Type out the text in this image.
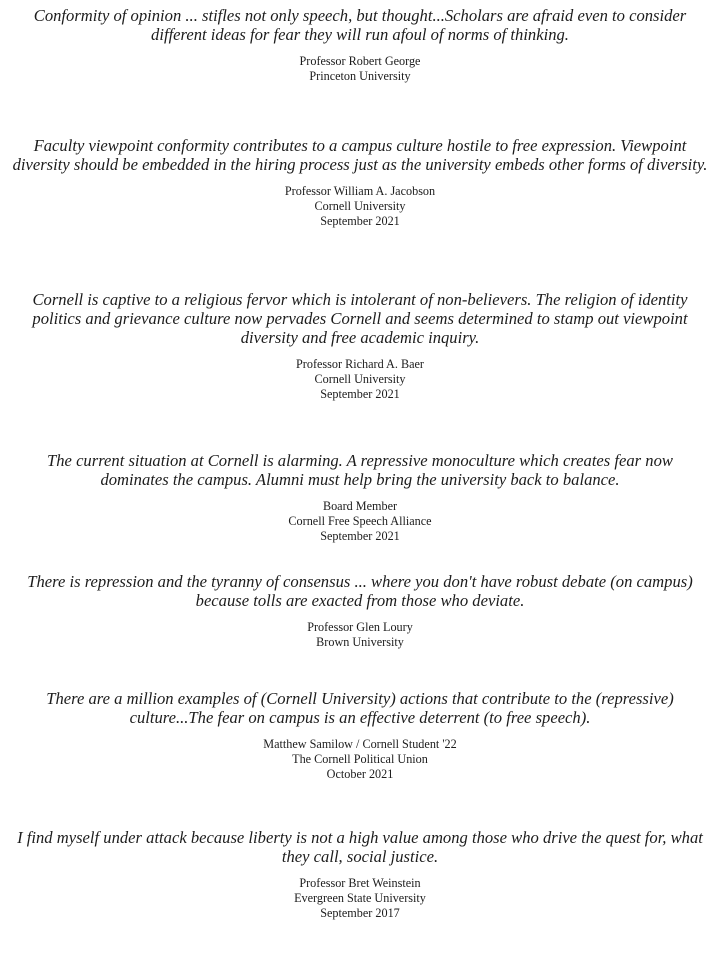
Conformity of opinion ... stifles not only speech, but thought...Scholars are afraid even to consider different ideas for fear they will run afoul of norms of thinking.

Professor Robert George
Princeton University

Faculty viewpoint conformity contributes to a campus culture hostile to free expression. Viewpoint diversity should be embedded in the hiring process just as the university embeds other forms of diversity.

Professor William A. Jacobson
Cornell University
September 2021

Cornell is captive to a religious fervor which is intolerant of non-believers. The religion of identity politics and grievance culture now pervades Cornell and seems determined to stamp out viewpoint diversity and free academic inquiry.

Professor Richard A. Baer
Cornell University
September 2021

The current situation at Cornell is alarming. A repressive monoculture which creates fear now dominates the campus. Alumni must help bring the university back to balance.

Board Member
Cornell Free Speech Alliance
September 2021

There is repression and the tyranny of consensus ... where you don't have robust debate (on campus) because tolls are exacted from those who deviate.

Professor Glen Loury
Brown University

There are a million examples of (Cornell University) actions that contribute to the (repressive) culture...The fear on campus is an effective deterrent (to free speech).

Matthew Samilow / Cornell Student '22
The Cornell Political Union
October 2021

I find myself under attack because liberty is not a high value among those who drive the quest for, what they call, social justice.

Professor Bret Weinstein
Evergreen State University
September 2017
